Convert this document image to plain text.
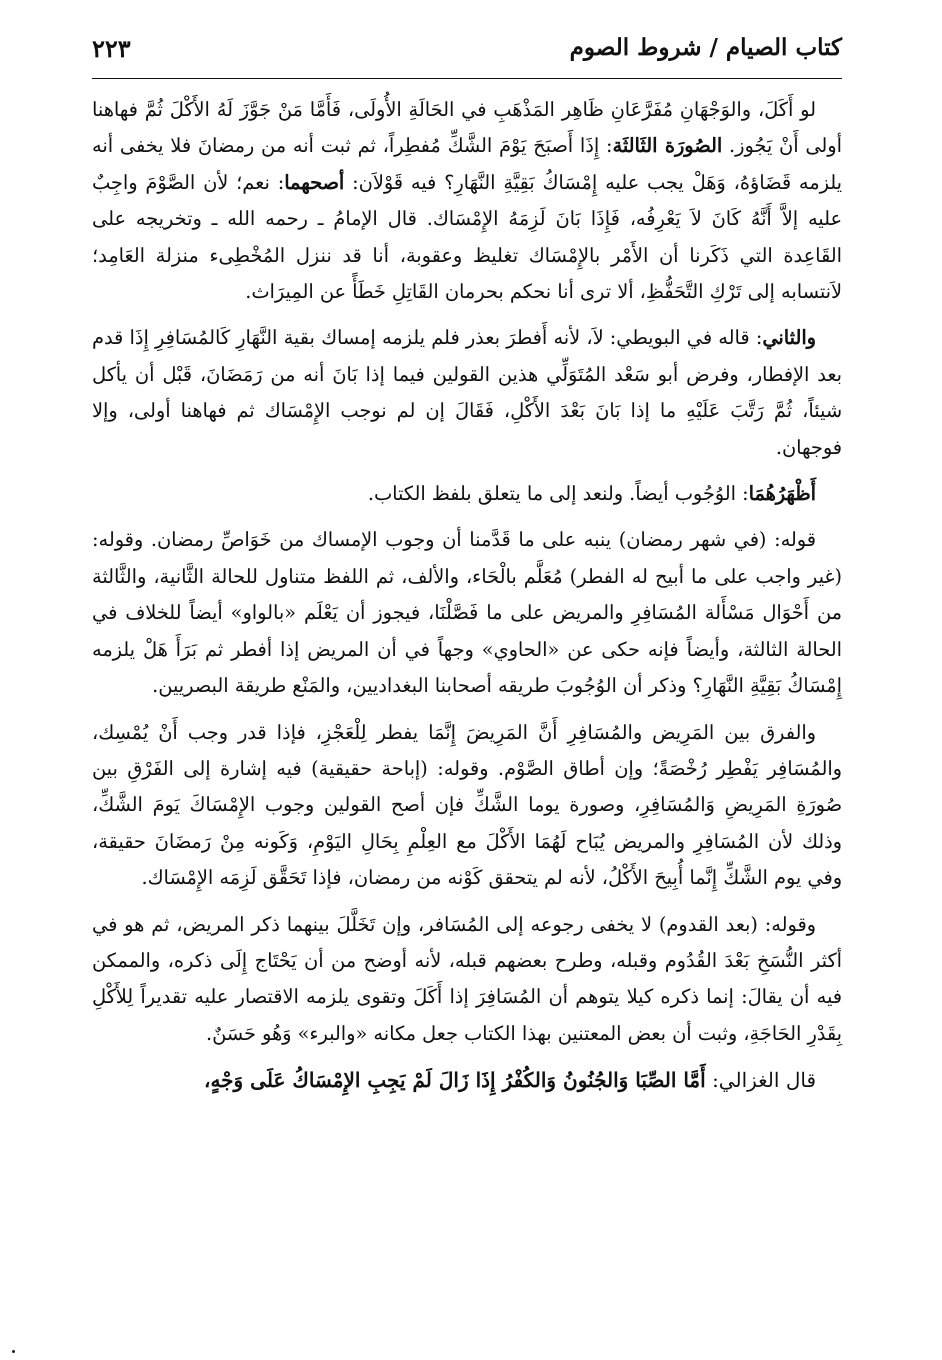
كتاب الصيام / شروط الصوم
٢٢٣

لو أَكَلَ، والوَجْهَانِ مُفَرَّعَانِ ظَاهِر المَذْهَبِ في الحَالَةِ الأُولَى، فَأَمَّا مَنْ جَوَّزَ لَهُ الأَكْلَ ثُمَّ فهاهنا أولى أَنْ يَجُوز. الصُورَة الثَالثَة: إِذَا أَصبَحَ يَوْمَ الشَّكِّ مُفطِراً، ثم ثبت أنه من رمضانَ فلا يخفى أنه يلزمه قَضَاؤهُ، وَهَلْ يجب عليه إِمْسَاكُ بَقِيَّةِ النَّهَارِ؟ فيه قَوْلاَن: أصحهما: نعم؛ لأن الصَّوْمَ واجِبٌ عليه إلاَّ أَنَّهُ كَانَ لاَ يَعْرِفُه، فَإِذَا بَانَ لَزِمَهُ الإِمْسَاك. قال الإمامُ ـ رحمه الله ـ وتخريجه على القَاعِدة التي ذَكَرنا أن الأَمْر بالإِمْسَاك تغليظ وعقوبة، أنا قد ننزل المُخْطِىء منزلة العَامِد؛ لاَنتسابه إلى تَرْكِ التَّحَفُّظِ، ألا ترى أنا نحكم بحرمان القَاتِلِ خَطَأً عن المِيرَاث.

والثاني: قاله في البويطي: لاَ، لأنه أَفطرَ بعذر فلم يلزمه إمساك بقية النَّهَارِ كَالمُسَافِرِ إِذَا قدم بعد الإفطار، وفرض أبو سَعْد المُتَوَلِّي هذين القولين فيما إذا بَانَ أنه من رَمَضَانَ، قَبْل أن يأكل شيئاً، ثُمَّ رَتَّبَ عَلَيْهِ ما إذا بَانَ بَعْدَ الأَكْلِ، فَقَالَ إن لم نوجب الإِمْسَاك ثم فهاهنا أولى، وإلا فوجهان.

أَظْهَرُهُمَا: الوُجُوب أيضاً. ولنعد إلى ما يتعلق بلفظ الكتاب.

قوله: (في شهر رمضان) ينبه على ما قَدَّمنا أن وجوب الإمساك من خَوَاصِّ رمضان. وقوله: (غير واجب على ما أبيح له الفطر) مُعَلَّم بالْحَاء، والألف، ثم اللفظ متناول للحالة الثَّانية، والثَّالثة من أَحْوَال مَسْأَلة المُسَافِرِ والمريض على ما فَصَّلْنَا، فيجوز أن يَعْلَم «بالواو» أيضاً للخلاف في الحالة الثالثة، وأيضاً فإنه حكى عن «الحاوي» وجهاً في أن المريض إذا أفطر ثم بَرَأَ هَلْ يلزمه إِمْسَاكُ بَقِيَّةِ النَّهَارِ؟ وذكر أن الوُجُوبَ طريقه أصحابنا البغداديين، والمَنْع طريقة البصريين.

والفرق بين المَرِيض والمُسَافِرِ أَنَّ المَرِيضَ إِنَّمَا يفطر لِلْعَجْزِ، فإذا قدر وجب أَنْ يُمْسِك، والمُسَافِر يَفْطِر رُخْصَةً؛ وإن أطاق الصَّوْم. وقوله: (إباحة حقيقية) فيه إشارة إلى الفَرْقِ بين صُورَةِ المَرِيضِ وَالمُسَافِرِ، وصورة يوما الشَّكِّ فإن أصح القولين وجوب الإِمْسَاكَ يَومَ الشَّكِّ، وذلك لأن المُسَافِرِ والمريض يُبَاح لَهُمَا الأَكْلَ مع العِلْمِ بِحَالِ اليَوْمِ، وَكَونه مِنْ رَمضَانَ حقيقة، وفي يوم الشَّكِّ إِنَّما أُبِيحَ الأَكْلُ، لأنه لم يتحقق كَوْنه من رمضان، فإذا تَحَقَّق لَزِمَه الإِمْسَاك.

وقوله: (بعد القدوم) لا يخفى رجوعه إلى المُسَافر، وإن تَخَلَّلَ بينهما ذكر المريض، ثم هو في أكثر النُّسَخِ بَعْدَ القُدُوم وقبله، وطرح بعضهم قبله، لأنه أوضح من أن يَحْتَاج إِلَى ذكره، والممكن فيه أن يقالَ: إنما ذكره كيلا يتوهم أن المُسَافِرَ إذا أَكَلَ وتقوى يلزمه الاقتصار عليه تقديراً لِلأَكْلِ بِقَدْرِ الحَاجَةِ، وثبت أن بعض المعتنين بهذا الكتاب جعل مكانه «والبرء» وَهُو حَسَنٌ.

قال الغزالي: أَمَّا الصِّبَا وَالجُنُونُ وَالكُفْرُ إِذَا زَالَ لَمْ يَجِبِ الإِمْسَاكُ عَلَى وَجْهٍ،
